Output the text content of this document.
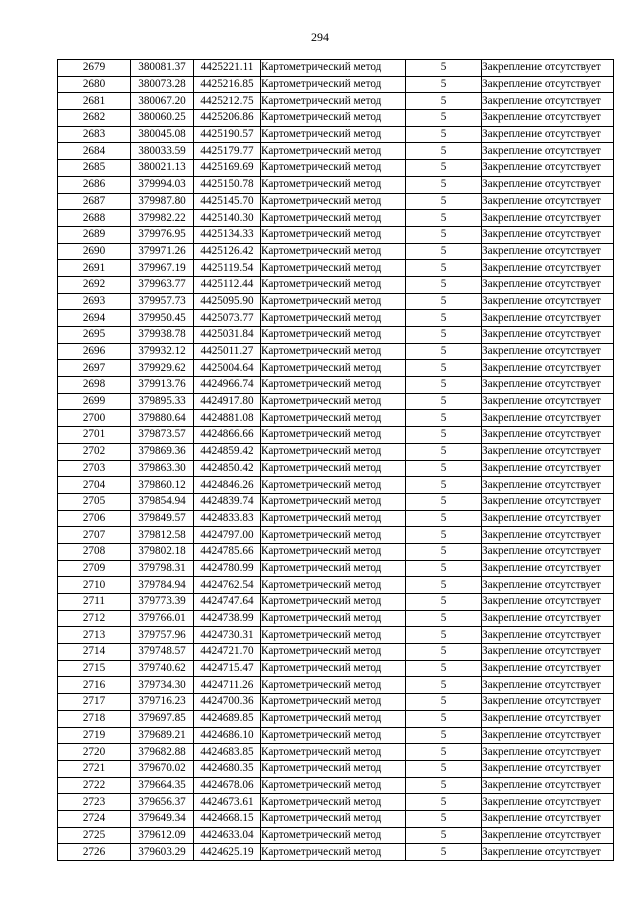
294
2679	380081.37	4425221.11	Картометрический метод	5	Закрепление отсутствует
2680	380073.28	4425216.85	Картометрический метод	5	Закрепление отсутствует
2681	380067.20	4425212.75	Картометрический метод	5	Закрепление отсутствует
2682	380060.25	4425206.86	Картометрический метод	5	Закрепление отсутствует
2683	380045.08	4425190.57	Картометрический метод	5	Закрепление отсутствует
2684	380033.59	4425179.77	Картометрический метод	5	Закрепление отсутствует
2685	380021.13	4425169.69	Картометрический метод	5	Закрепление отсутствует
2686	379994.03	4425150.78	Картометрический метод	5	Закрепление отсутствует
2687	379987.80	4425145.70	Картометрический метод	5	Закрепление отсутствует
2688	379982.22	4425140.30	Картометрический метод	5	Закрепление отсутствует
2689	379976.95	4425134.33	Картометрический метод	5	Закрепление отсутствует
2690	379971.26	4425126.42	Картометрический метод	5	Закрепление отсутствует
2691	379967.19	4425119.54	Картометрический метод	5	Закрепление отсутствует
2692	379963.77	4425112.44	Картометрический метод	5	Закрепление отсутствует
2693	379957.73	4425095.90	Картометрический метод	5	Закрепление отсутствует
2694	379950.45	4425073.77	Картометрический метод	5	Закрепление отсутствует
2695	379938.78	4425031.84	Картометрический метод	5	Закрепление отсутствует
2696	379932.12	4425011.27	Картометрический метод	5	Закрепление отсутствует
2697	379929.62	4425004.64	Картометрический метод	5	Закрепление отсутствует
2698	379913.76	4424966.74	Картометрический метод	5	Закрепление отсутствует
2699	379895.33	4424917.80	Картометрический метод	5	Закрепление отсутствует
2700	379880.64	4424881.08	Картометрический метод	5	Закрепление отсутствует
2701	379873.57	4424866.66	Картометрический метод	5	Закрепление отсутствует
2702	379869.36	4424859.42	Картометрический метод	5	Закрепление отсутствует
2703	379863.30	4424850.42	Картометрический метод	5	Закрепление отсутствует
2704	379860.12	4424846.26	Картометрический метод	5	Закрепление отсутствует
2705	379854.94	4424839.74	Картометрический метод	5	Закрепление отсутствует
2706	379849.57	4424833.83	Картометрический метод	5	Закрепление отсутствует
2707	379812.58	4424797.00	Картометрический метод	5	Закрепление отсутствует
2708	379802.18	4424785.66	Картометрический метод	5	Закрепление отсутствует
2709	379798.31	4424780.99	Картометрический метод	5	Закрепление отсутствует
2710	379784.94	4424762.54	Картометрический метод	5	Закрепление отсутствует
2711	379773.39	4424747.64	Картометрический метод	5	Закрепление отсутствует
2712	379766.01	4424738.99	Картометрический метод	5	Закрепление отсутствует
2713	379757.96	4424730.31	Картометрический метод	5	Закрепление отсутствует
2714	379748.57	4424721.70	Картометрический метод	5	Закрепление отсутствует
2715	379740.62	4424715.47	Картометрический метод	5	Закрепление отсутствует
2716	379734.30	4424711.26	Картометрический метод	5	Закрепление отсутствует
2717	379716.23	4424700.36	Картометрический метод	5	Закрепление отсутствует
2718	379697.85	4424689.85	Картометрический метод	5	Закрепление отсутствует
2719	379689.21	4424686.10	Картометрический метод	5	Закрепление отсутствует
2720	379682.88	4424683.85	Картометрический метод	5	Закрепление отсутствует
2721	379670.02	4424680.35	Картометрический метод	5	Закрепление отсутствует
2722	379664.35	4424678.06	Картометрический метод	5	Закрепление отсутствует
2723	379656.37	4424673.61	Картометрический метод	5	Закрепление отсутствует
2724	379649.34	4424668.15	Картометрический метод	5	Закрепление отсутствует
2725	379612.09	4424633.04	Картометрический метод	5	Закрепление отсутствует
2726	379603.29	4424625.19	Картометрический метод	5	Закрепление отсутствует
